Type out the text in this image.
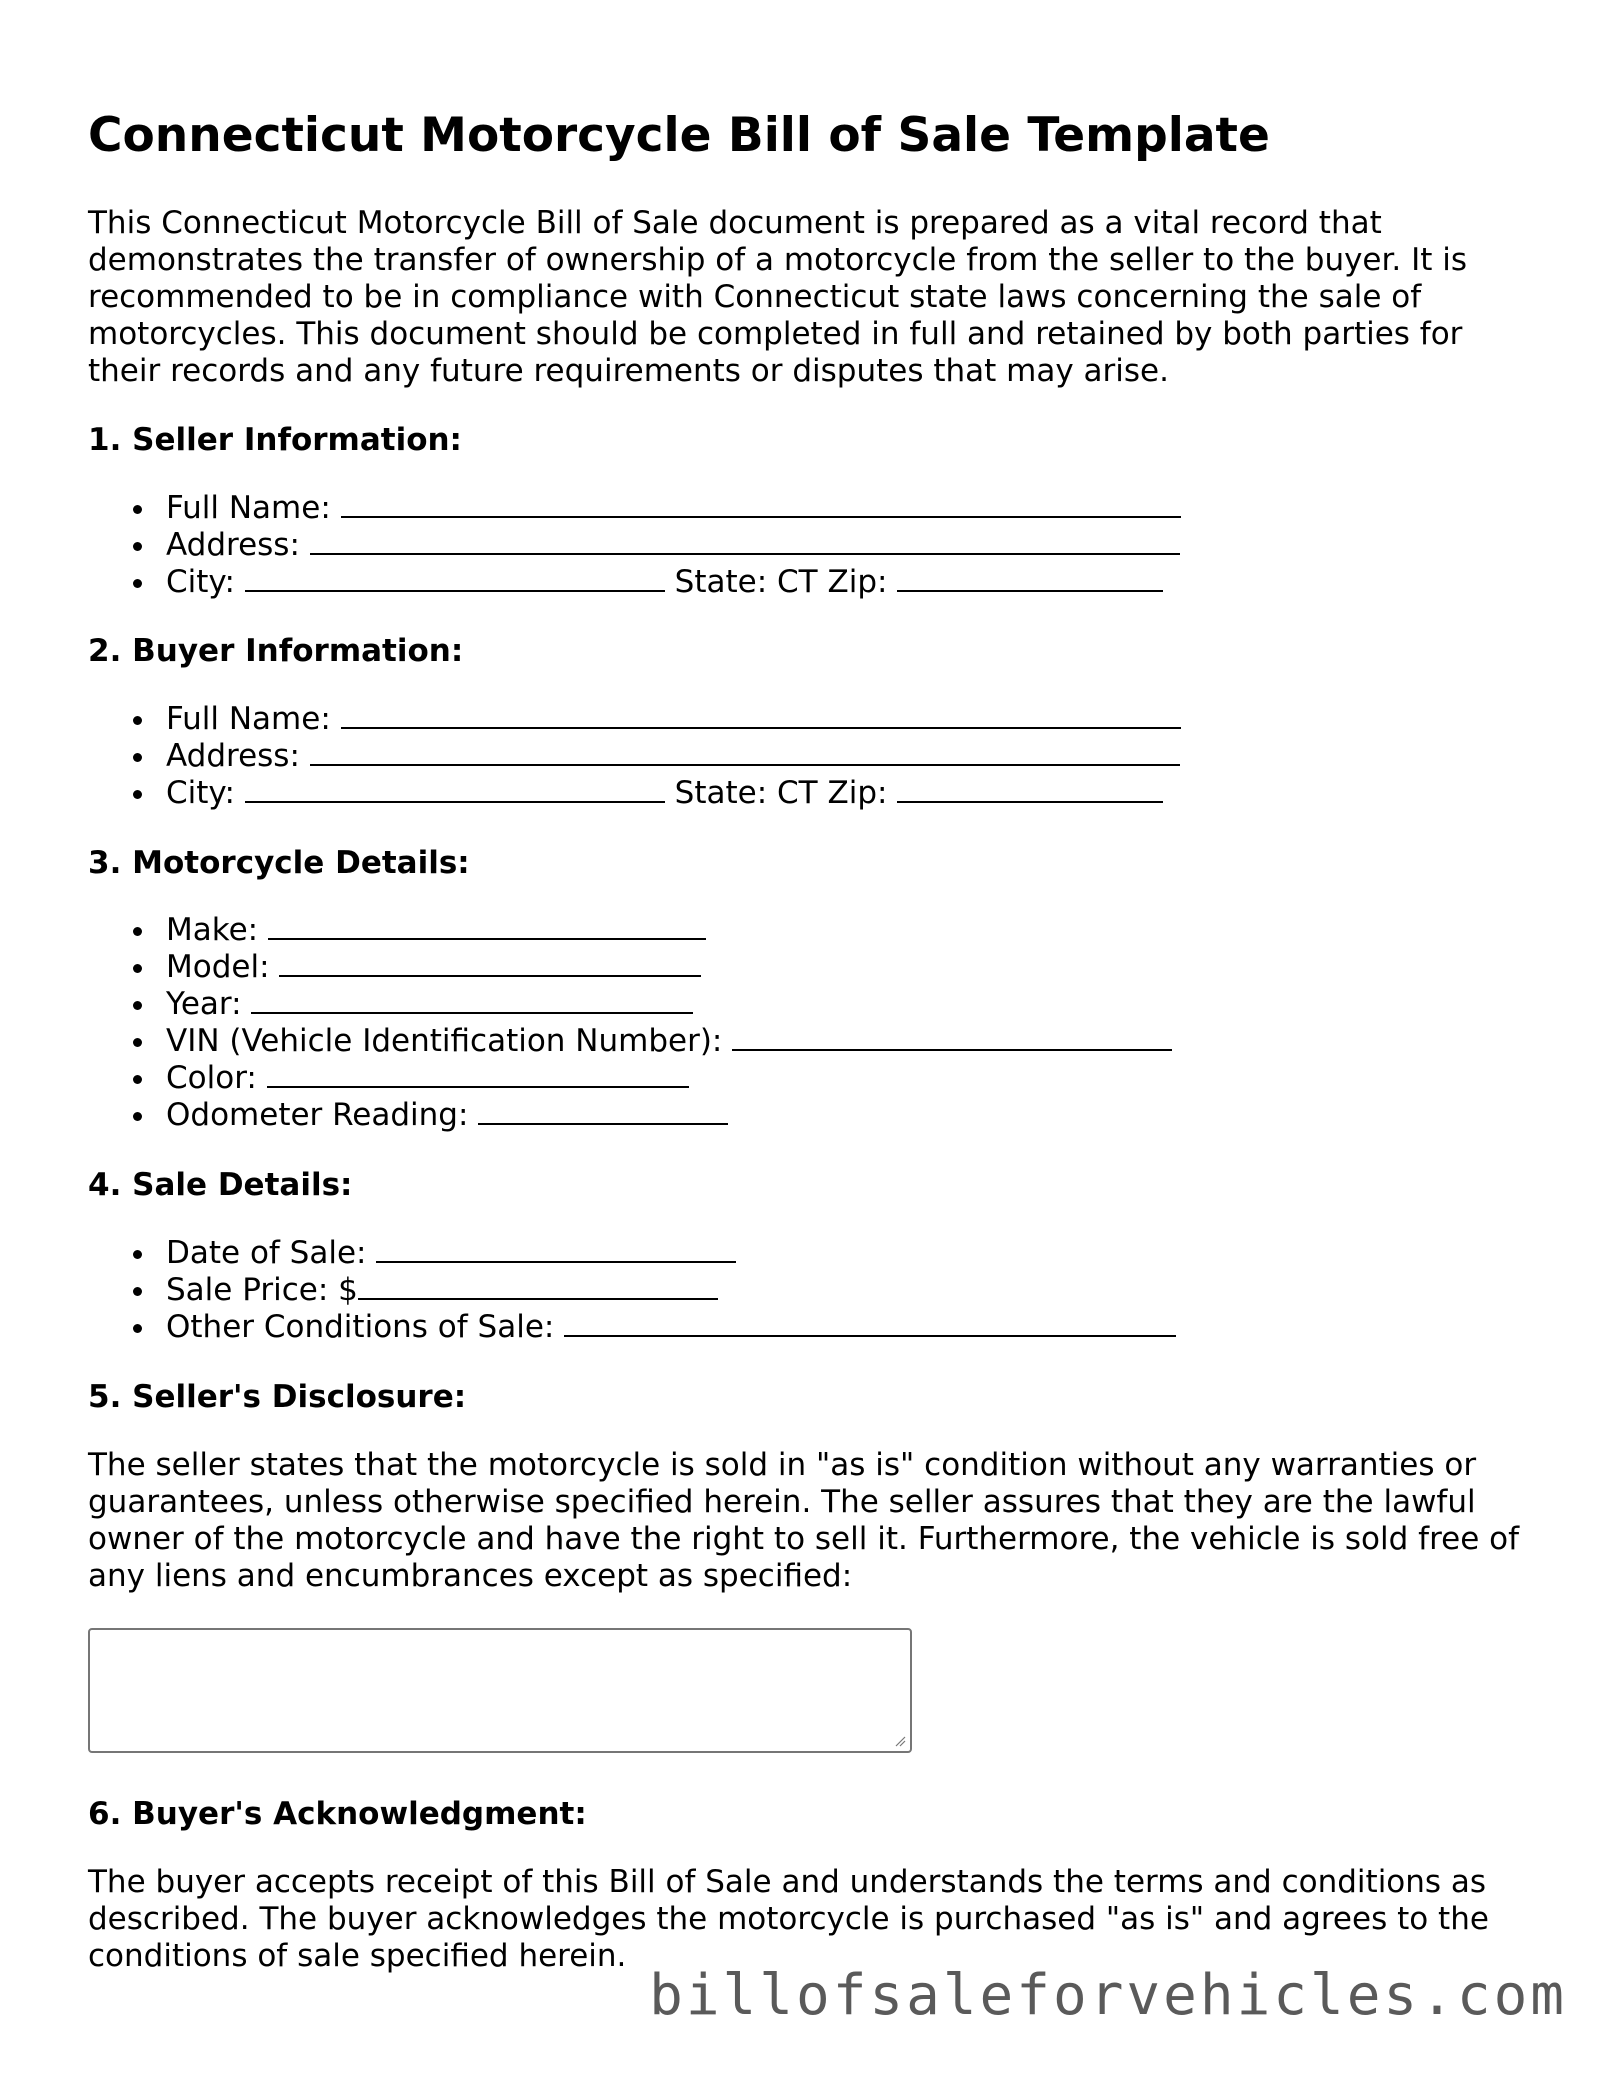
Connecticut Motorcycle Bill of Sale Template

This Connecticut Motorcycle Bill of Sale document is prepared as a vital record that demonstrates the transfer of ownership of a motorcycle from the seller to the buyer. It is recommended to be in compliance with Connecticut state laws concerning the sale of motorcycles. This document should be completed in full and retained by both parties for their records and any future requirements or disputes that may arise.

1. Seller Information:
Full Name:
Address:
City:	State: CT Zip:
2. Buyer Information:
Full Name:
Address:
City:	State: CT Zip:
3. Motorcycle Details:
Make:
Model:
Year:
VIN (Vehicle Identification Number):
Color:
Odometer Reading:
4. Sale Details:
Date of Sale:
Sale Price: $
Other Conditions of Sale:
5. Seller's Disclosure:

The seller states that the motorcycle is sold in "as is" condition without any warranties or guarantees, unless otherwise specified herein. The seller assures that they are the lawful owner of the motorcycle and have the right to sell it. Furthermore, the vehicle is sold free of any liens and encumbrances except as specified:

6. Buyer's Acknowledgment:

The buyer accepts receipt of this Bill of Sale and understands the terms and conditions as described. The buyer acknowledges the motorcycle is purchased "as is" and agrees to the conditions of sale specified herein.

billofsaleforvehicles.com
